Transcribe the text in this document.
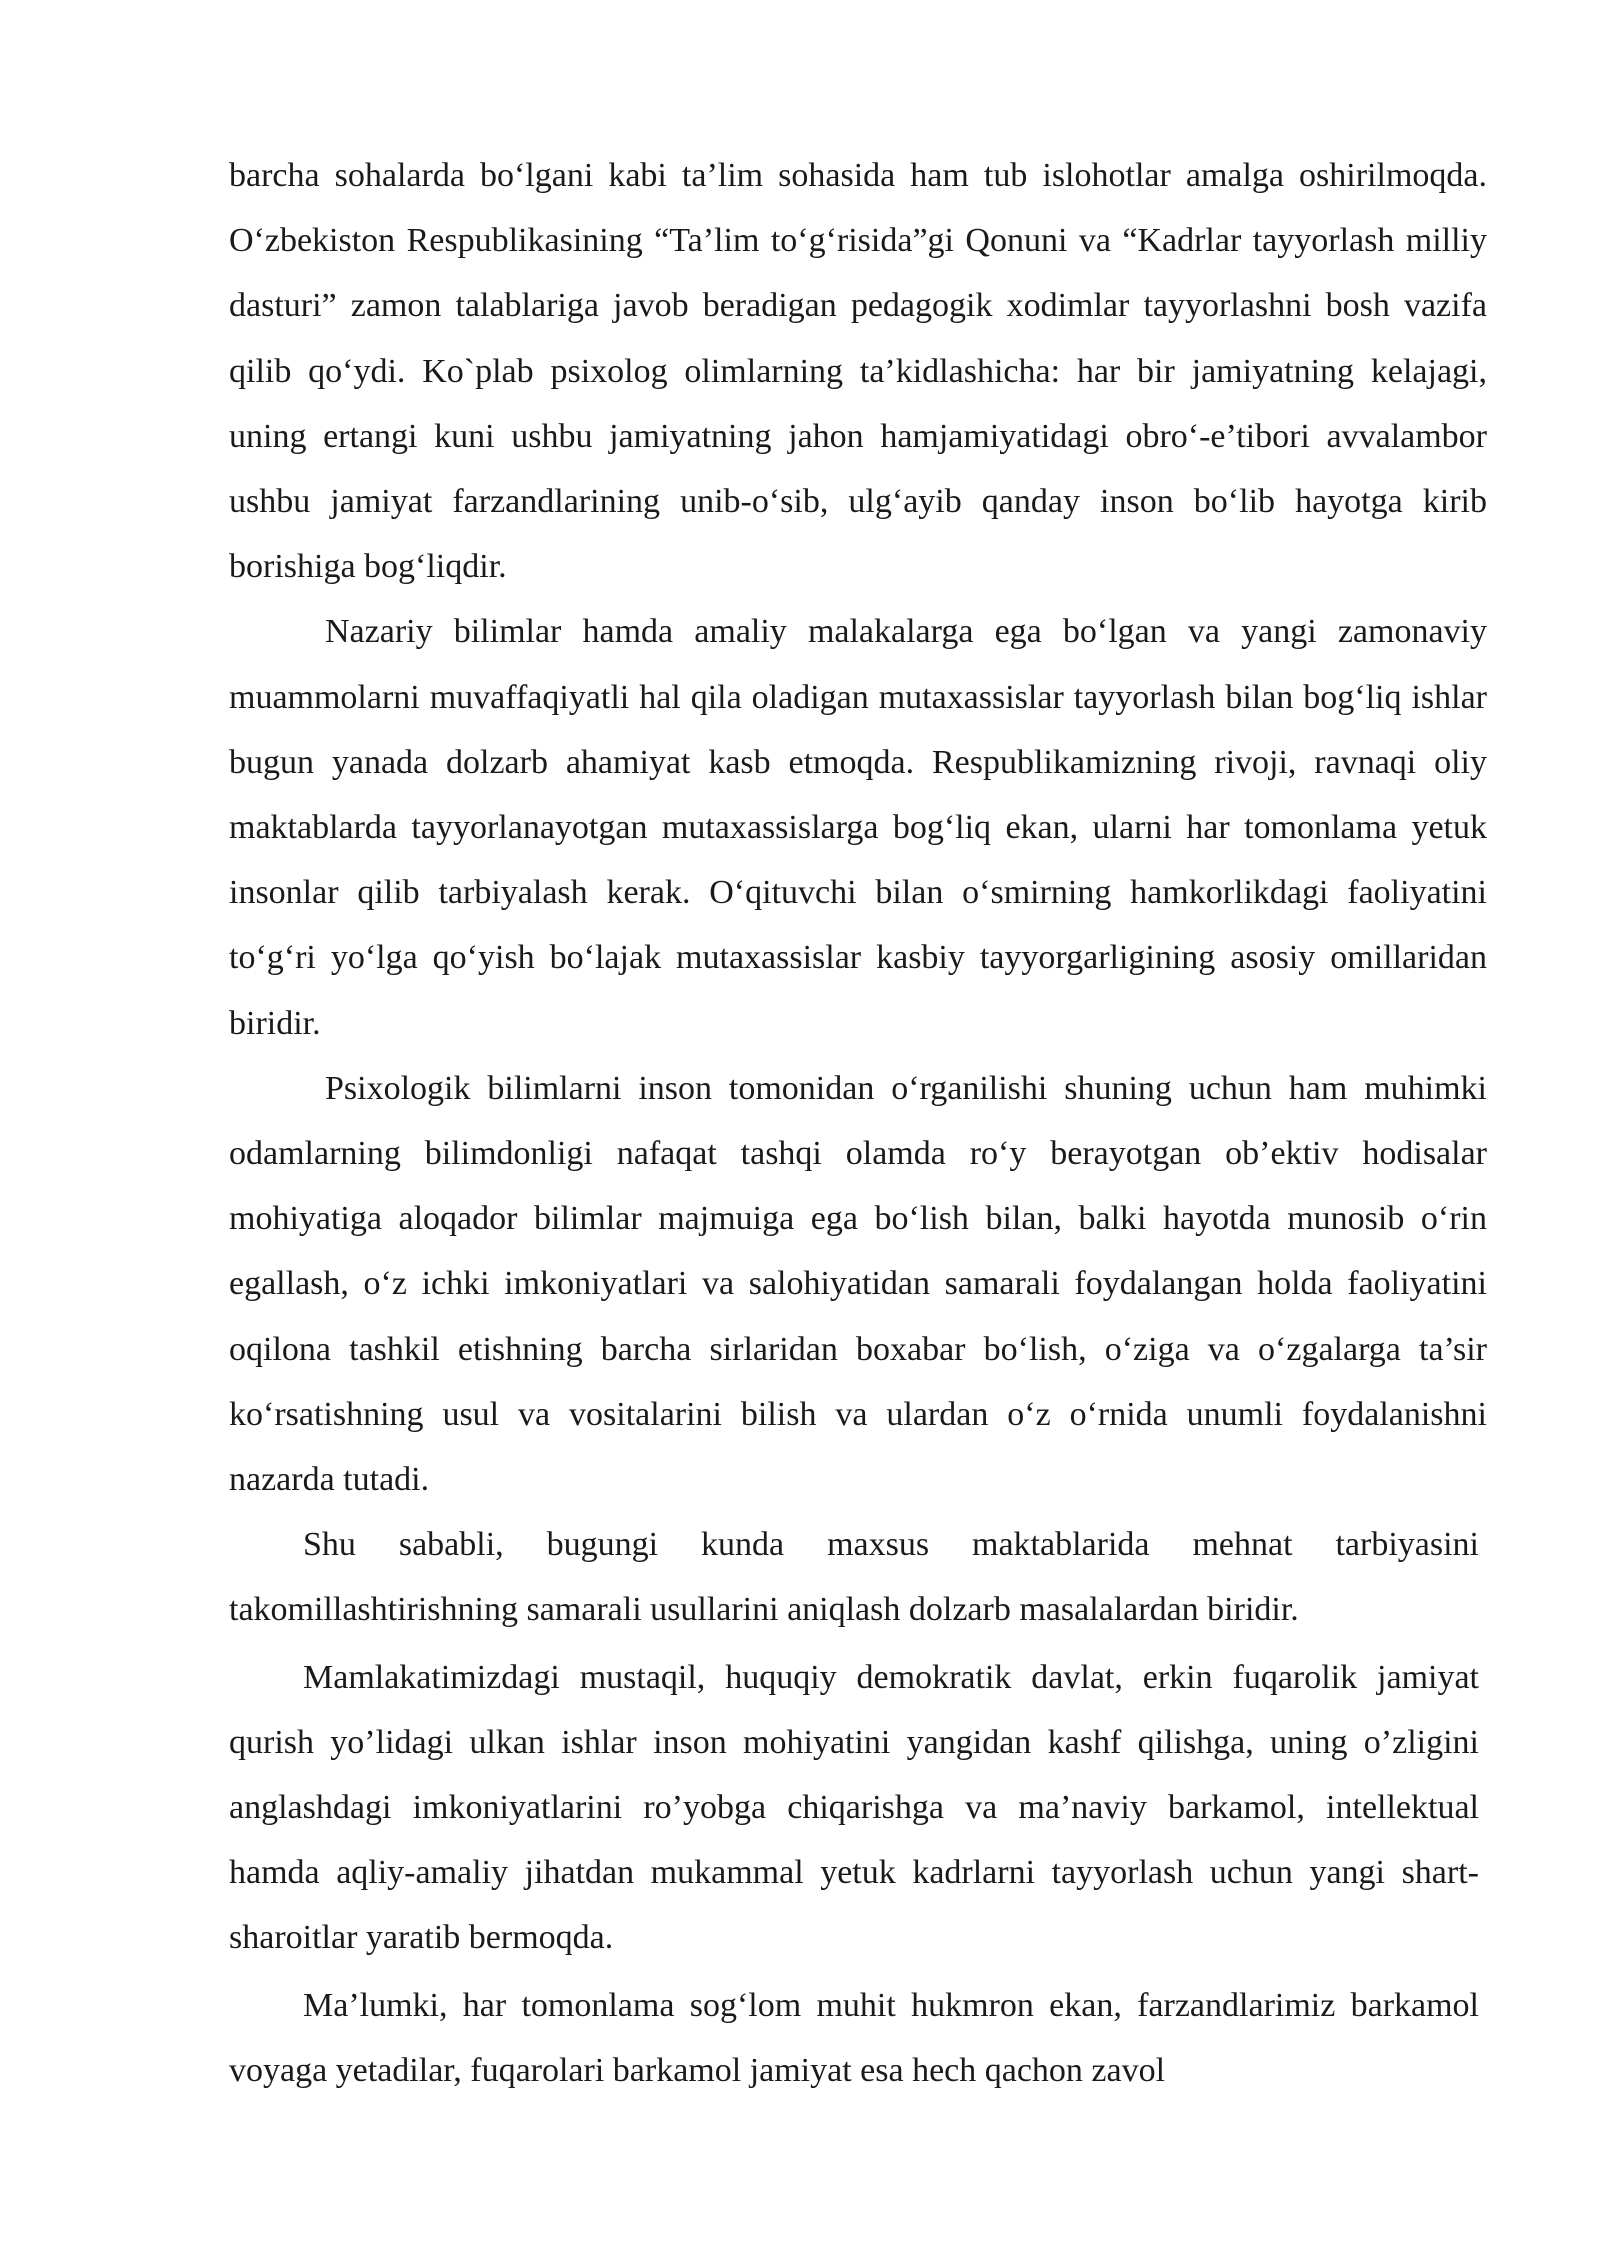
barcha sohalarda bo‘lgani kabi ta’lim sohasida ham tub islohotlar amalga oshirilmoqda. O‘zbekiston Respublikasining “Ta’lim to‘g‘risida”gi Qonuni va “Kadrlar tayyorlash milliy dasturi” zamon talablariga javob beradigan pedagogik xodimlar tayyorlashni bosh vazifa qilib qo‘ydi. Ko`plab psixolog olimlarning ta’kidlashicha: har bir jamiyatning kelajagi, uning ertangi kuni ushbu jamiyatning jahon hamjamiyatidagi obro‘-e’tibori avvalambor ushbu jamiyat farzandlarining unib-o‘sib, ulg‘ayib qanday inson bo‘lib hayotga kirib borishiga bog‘liqdir.

Nazariy bilimlar hamda amaliy malakalarga ega bo‘lgan va yangi zamonaviy muammolarni muvaffaqiyatli hal qila oladigan mutaxassislar tayyorlash bilan bog‘liq ishlar bugun yanada dolzarb ahamiyat kasb etmoqda. Respublikamizning rivoji, ravnaqi oliy maktablarda tayyorlanayotgan mutaxassislarga bog‘liq ekan, ularni har tomonlama yetuk insonlar qilib tarbiyalash kerak. O‘qituvchi bilan o‘smirning hamkorlikdagi faoliyatini to‘g‘ri yo‘lga qo‘yish bo‘lajak mutaxassislar kasbiy tayyorgarligining asosiy omillaridan biridir.

Psixologik bilimlarni inson tomonidan o‘rganilishi shuning uchun ham muhimki odamlarning bilimdonligi nafaqat tashqi olamda ro‘y berayotgan ob’ektiv hodisalar mohiyatiga aloqador bilimlar majmuiga ega bo‘lish bilan, balki hayotda munosib o‘rin egallash, o‘z ichki imkoniyatlari va salohiyatidan samarali foydalangan holda faoliyatini oqilona tashkil etishning barcha sirlaridan boxabar bo‘lish, o‘ziga va o‘zgalarga ta’sir ko‘rsatishning usul va vositalarini bilish va ulardan o‘z o‘rnida unumli foydalanishni nazarda tutadi.

Shu sababli, bugungi kunda maxsus maktablarida mehnat tarbiyasini takomillashtirishning samarali usullarini aniqlash dolzarb masalalardan biridir.

Mamlakatimizdagi mustaqil, huquqiy demokratik davlat, erkin fuqarolik jamiyat qurish yo’lidagi ulkan ishlar inson mohiyatini yangidan kashf qilishga, uning o’zligini anglashdagi imkoniyatlarini ro’yobga chiqarishga va ma’naviy barkamol, intellektual hamda aqliy-amaliy jihatdan mukammal yetuk kadrlarni tayyorlash uchun yangi shart-sharoitlar yaratib bermoqda.

Ma’lumki, har tomonlama sog‘lom muhit hukmron ekan, farzandlarimiz barkamol voyaga yetadilar, fuqarolari barkamol jamiyat esa hech qachon zavol
